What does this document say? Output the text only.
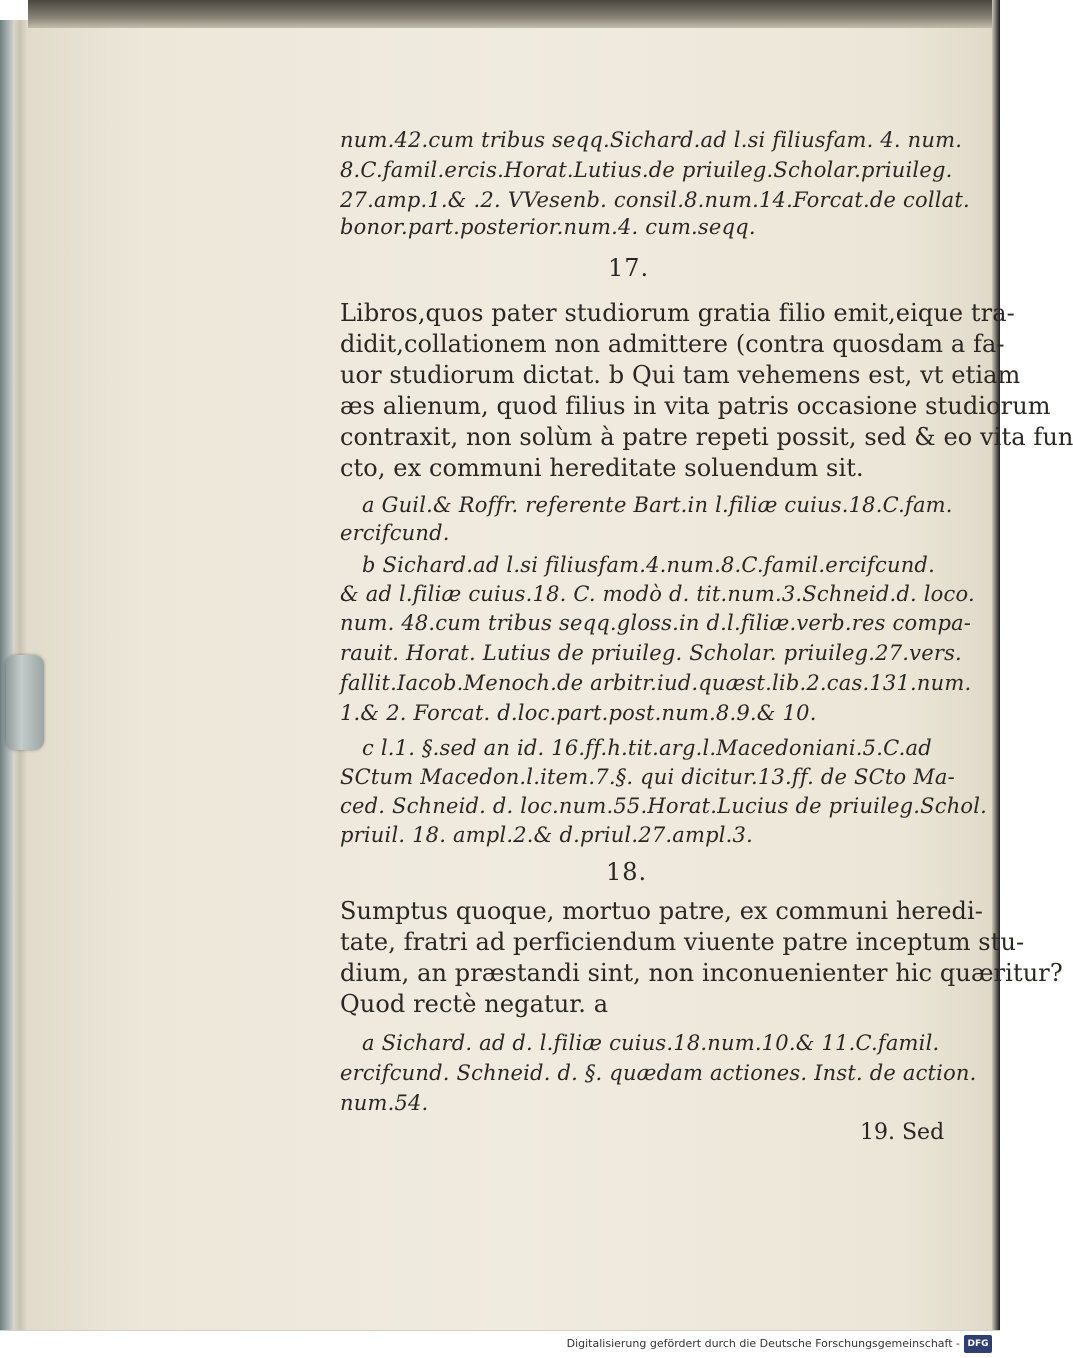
num.42.cum tribus seqq.Sichard.ad l.si filiusfam. 4. num.
8.C.famil.ercis.Horat.Lutius.de priuileg.Scholar.priuileg.
27.amp.1.& .2. VVesenb. consil.8.num.14.Forcat.de collat.
bonor.part.posterior.num.4. cum.seqq.
17.
Libros,quos pater studiorum gratia filio emit,eique tra-
didit,collationem non admittere (contra quosdam a fa-
uor studiorum dictat. b Qui tam vehemens est, vt etiam
æs alienum, quod filius in vita patris occasione studiorum
contraxit, non solùm à patre repeti possit, sed & eo vita fun
cto, ex communi hereditate soluendum sit.
a Guil.& Roffr. referente Bart.in l.filiæ cuius.18.C.fam.
ercifcund.
b Sichard.ad l.si filiusfam.4.num.8.C.famil.ercifcund.
& ad l.filiæ cuius.18. C. modò d. tit.num.3.Schneid.d. loco.
num. 48.cum tribus seqq.gloss.in d.l.filiæ.verb.res compa-
rauit. Horat. Lutius de priuileg. Scholar. priuileg.27.vers.
fallit.Iacob.Menoch.de arbitr.iud.quæst.lib.2.cas.131.num.
1.& 2. Forcat. d.loc.part.post.num.8.9.& 10.
c l.1. §.sed an id. 16.ff.h.tit.arg.l.Macedoniani.5.C.ad
SCtum Macedon.l.item.7.§. qui dicitur.13.ff. de SCto Ma-
ced. Schneid. d. loc.num.55.Horat.Lucius de priuileg.Schol.
priuil. 18. ampl.2.& d.priul.27.ampl.3.
18.
Sumptus quoque, mortuo patre, ex communi heredi-
tate, fratri ad perficiendum viuente patre inceptum stu-
dium, an præstandi sint, non inconuenienter hic quæritur?
Quod rectè negatur. a
a Sichard. ad d. l.filiæ cuius.18.num.10.& 11.C.famil.
ercifcund. Schneid. d. §. quædam actiones. Inst. de action.
num.54.
19. Sed
Digitalisierung gefördert durch die Deutsche Forschungsgemeinschaft - DFG
